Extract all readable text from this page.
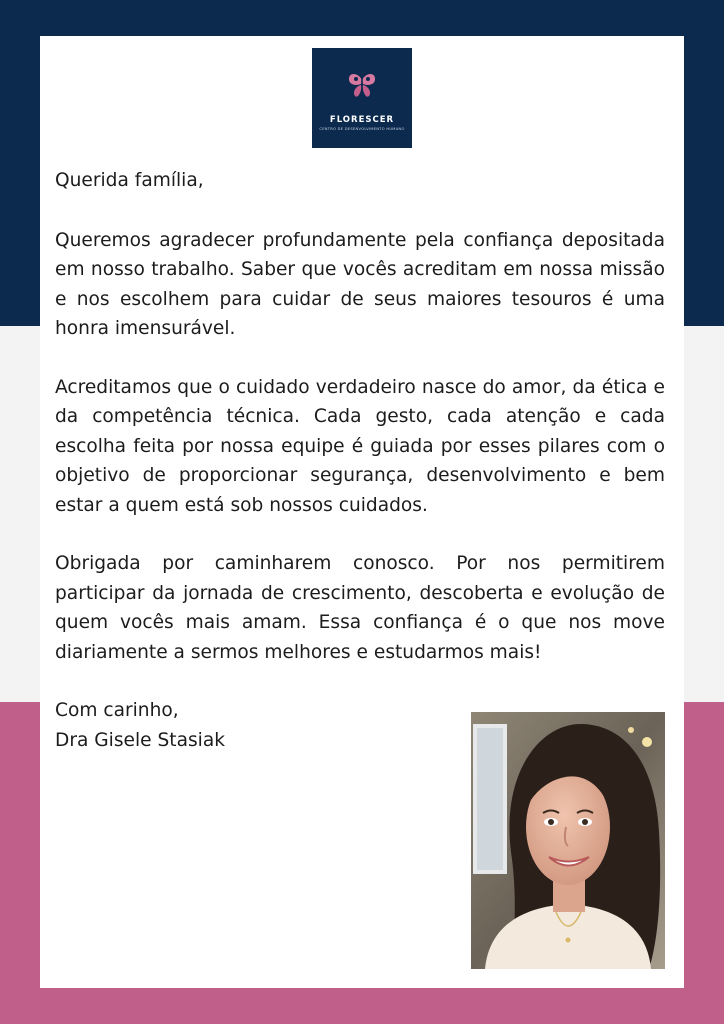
FLORESCER
CENTRO DE DESENVOLVIMENTO HUMANO

Querida família,

Queremos agradecer profundamente pela confiança depositada em nosso trabalho. Saber que vocês acreditam em nossa missão e nos escolhem para cuidar de seus maiores tesouros é uma honra imensurável.

Acreditamos que o cuidado verdadeiro nasce do amor, da ética e da competência técnica. Cada gesto, cada atenção e cada escolha feita por nossa equipe é guiada por esses pilares com o objetivo de proporcionar segurança, desenvolvimento e bem estar a quem está sob nossos cuidados.

Obrigada por caminharem conosco. Por nos permitirem participar da jornada de crescimento, descoberta e evolução de quem vocês mais amam. Essa confiança é o que nos move diariamente a sermos melhores e estudarmos mais!

Com carinho,

Dra Gisele Stasiak
